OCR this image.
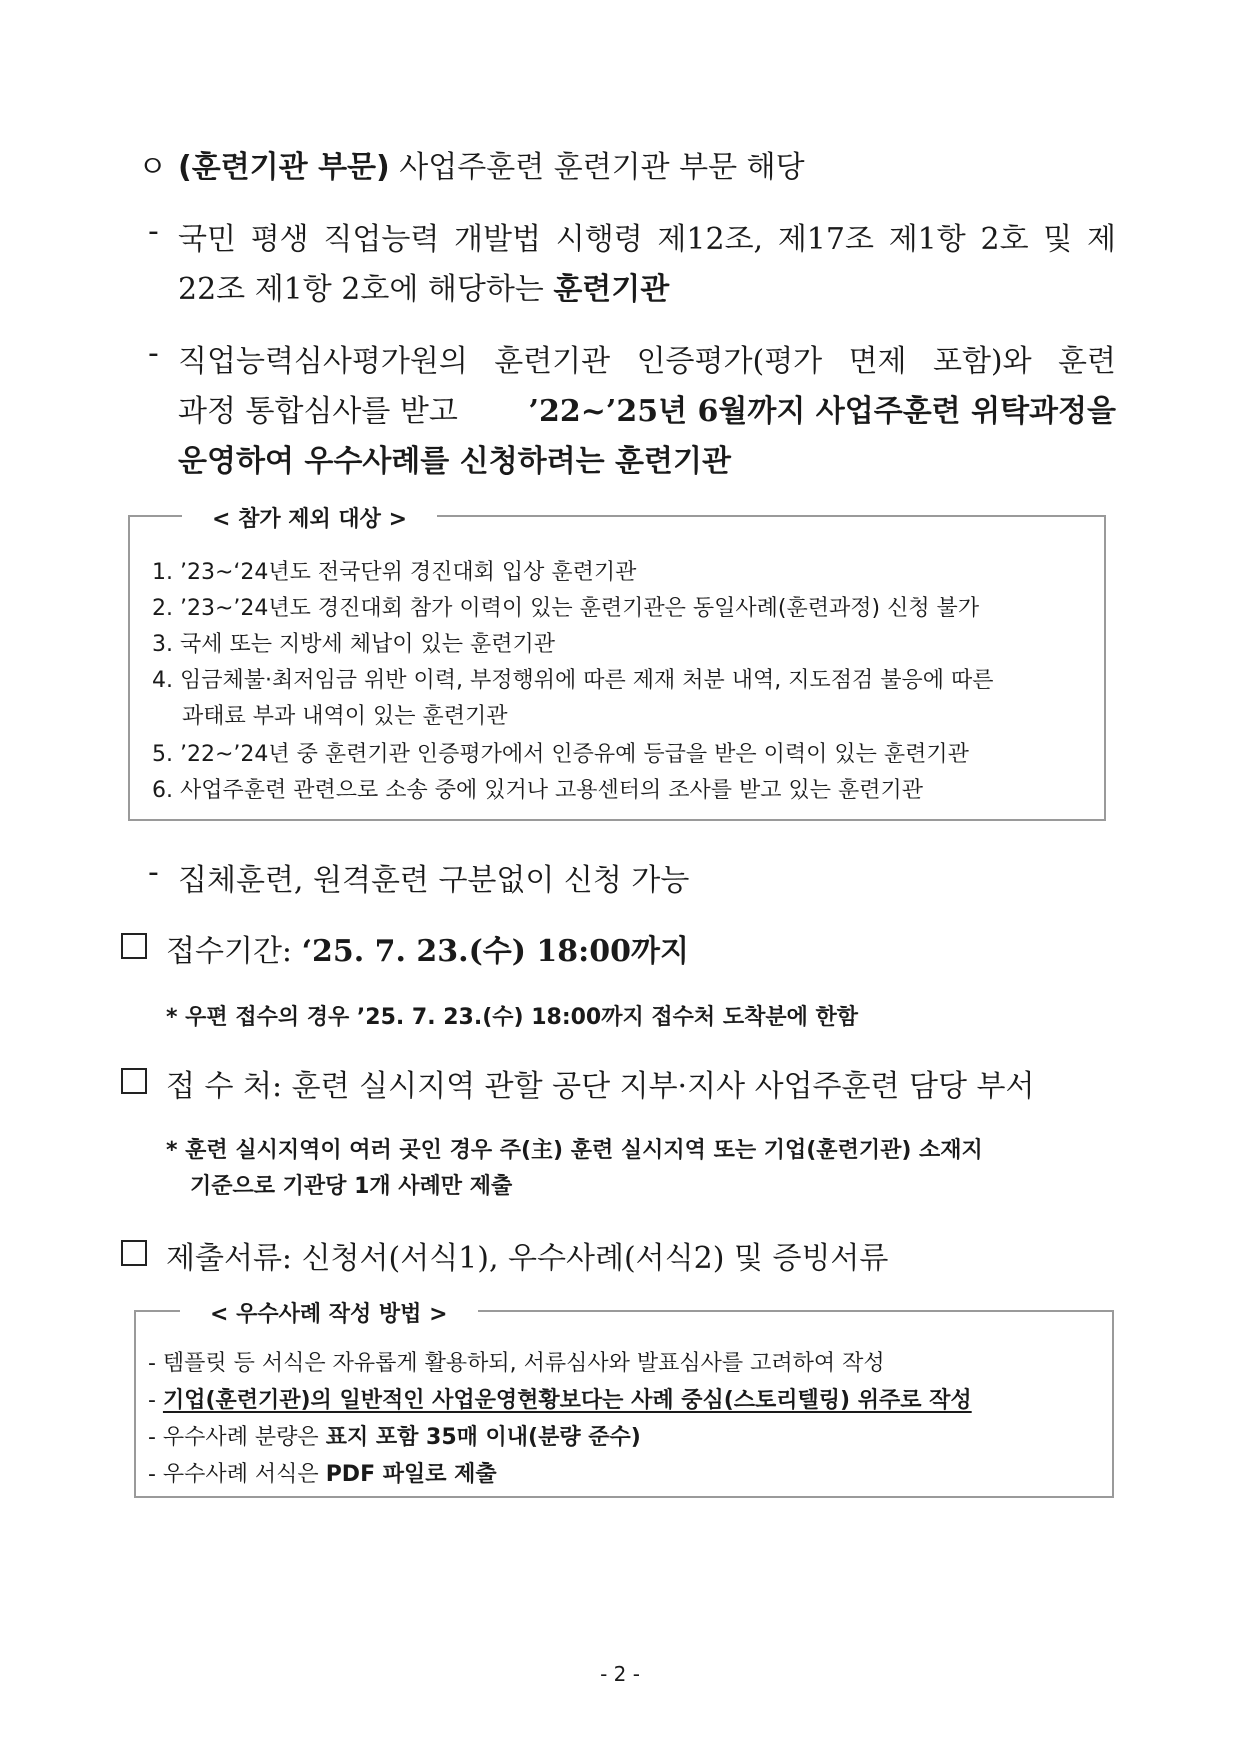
ㅇ (훈련기관 부문) 사업주훈련 훈련기관 부문 해당
- 국민 평생 직업능력 개발법 시행령 제12조, 제17조 제1항 2호 및 제
22조 제1항 2호에 해당하는 훈련기관
- 직업능력심사평가원의 훈련기관 인증평가(평가 면제 포함)와 훈련
과정 통합심사를 받고 ’22~’25년 6월까지 사업주훈련 위탁과정을
운영하여 우수사례를 신청하려는 훈련기관
< 참가 제외 대상 >
1. ’23~‘24년도 전국단위 경진대회 입상 훈련기관
2. ’23~’24년도 경진대회 참가 이력이 있는 훈련기관은 동일사례(훈련과정) 신청 불가
3. 국세 또는 지방세 체납이 있는 훈련기관
4. 임금체불·최저임금 위반 이력, 부정행위에 따른 제재 처분 내역, 지도점검 불응에 따른
과태료 부과 내역이 있는 훈련기관
5. ’22~’24년 중 훈련기관 인증평가에서 인증유예 등급을 받은 이력이 있는 훈련기관
6. 사업주훈련 관련으로 소송 중에 있거나 고용센터의 조사를 받고 있는 훈련기관
- 집체훈련, 원격훈련 구분없이 신청 가능
접수기간: ‘25. 7. 23.(수) 18:00까지
* 우편 접수의 경우 ’25. 7. 23.(수) 18:00까지 접수처 도착분에 한함
접 수 처: 훈련 실시지역 관할 공단 지부·지사 사업주훈련 담당 부서
* 훈련 실시지역이 여러 곳인 경우 주(主) 훈련 실시지역 또는 기업(훈련기관) 소재지
기준으로 기관당 1개 사례만 제출
제출서류: 신청서(서식1), 우수사례(서식2) 및 증빙서류
< 우수사례 작성 방법 >
- 템플릿 등 서식은 자유롭게 활용하되, 서류심사와 발표심사를 고려하여 작성
- 기업(훈련기관)의 일반적인 사업운영현황보다는 사례 중심(스토리텔링) 위주로 작성
- 우수사례 분량은 표지 포함 35매 이내(분량 준수)
- 우수사례 서식은 PDF 파일로 제출
- 2 -
